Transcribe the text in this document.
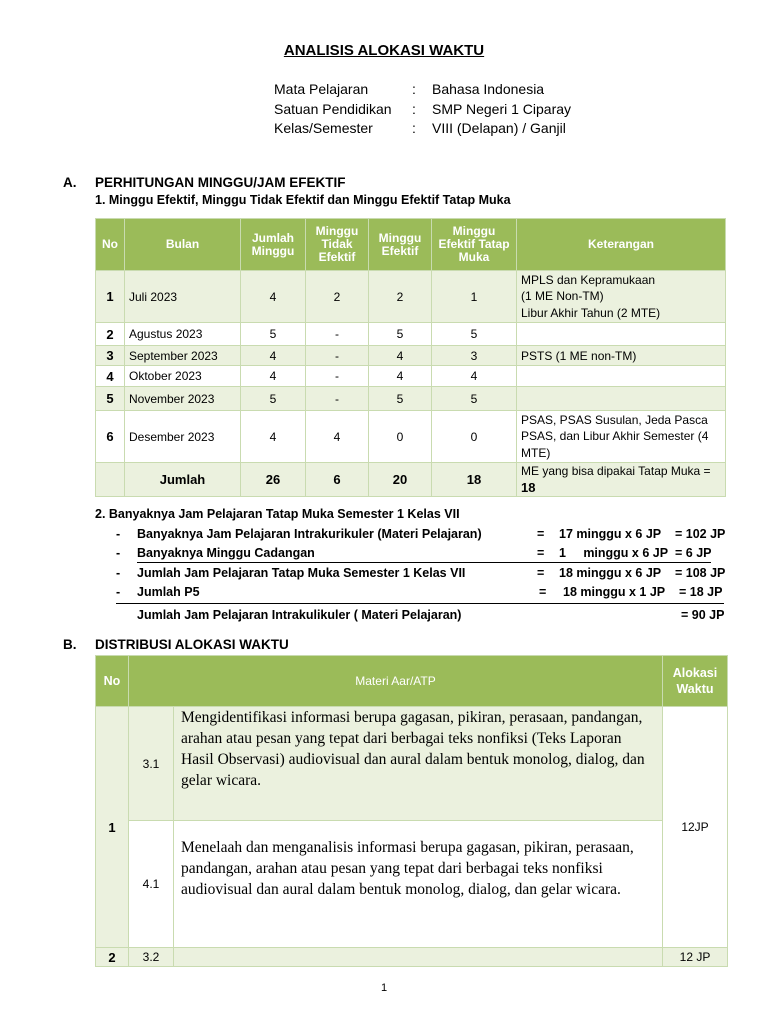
ANALISIS ALOKASI WAKTU
Mata Pelajaran	:	Bahasa Indonesia
Satuan Pendidikan	:	SMP Negeri 1 Ciparay
Kelas/Semester	:	VIII (Delapan) / Ganjil
A. PERHITUNGAN MINGGU/JAM EFEKTIF
1. Minggu Efektif, Minggu Tidak Efektif dan Minggu Efektif Tatap Muka
No	Bulan	Jumlah Minggu	Minggu Tidak Efektif	Minggu Efektif	Minggu Efektif Tatap Muka	Keterangan
1	Juli 2023	4	2	2	1	MPLS dan Kepramukaan
(1 ME Non-TM)
Libur Akhir Tahun (2 MTE)
2	Agustus 2023	5	-	5	5	
3	September 2023	4	-	4	3	PSTS (1 ME non-TM)
4	Oktober 2023	4	-	4	4	
5	November 2023	5	-	5	5	
6	Desember 2023	4	4	0	0	PSAS, PSAS Susulan, Jeda Pasca PSAS, dan Libur Akhir Semester (4 MTE)
	Jumlah	26	6	20	18	ME yang bisa dipakai Tatap Muka = 18
2. Banyaknya Jam Pelajaran Tatap Muka Semester 1 Kelas VII
- Banyaknya Jam Pelajaran Intrakurikuler (Materi Pelajaran)	= 17 minggu x 6 JP = 102 JP
- Banyaknya Minggu Cadangan	= 1     minggu x 6 JP = 6 JP
- Jumlah Jam Pelajaran Tatap Muka Semester 1 Kelas VII	= 18 minggu x 6 JP = 108 JP
- Jumlah P5	= 18 minggu x 1 JP = 18 JP
Jumlah Jam Pelajaran Intrakulikuler ( Materi Pelajaran)	= 90 JP
B. DISTRIBUSI ALOKASI WAKTU
No	Materi Aar/ATP		Alokasi Waktu
1	3.1	Mengidentifikasi informasi berupa gagasan, pikiran, perasaan, pandangan, arahan atau pesan yang tepat dari berbagai teks nonfiksi (Teks Laporan Hasil Observasi) audiovisual dan aural dalam bentuk monolog, dialog, dan gelar wicara.	12JP
	4.1	Menelaah dan menganalisis informasi berupa gagasan, pikiran, perasaan, pandangan, arahan atau pesan yang tepat dari berbagai teks nonfiksi audiovisual dan aural dalam bentuk monolog, dialog, dan gelar wicara.	
2	3.2		12 JP
1
